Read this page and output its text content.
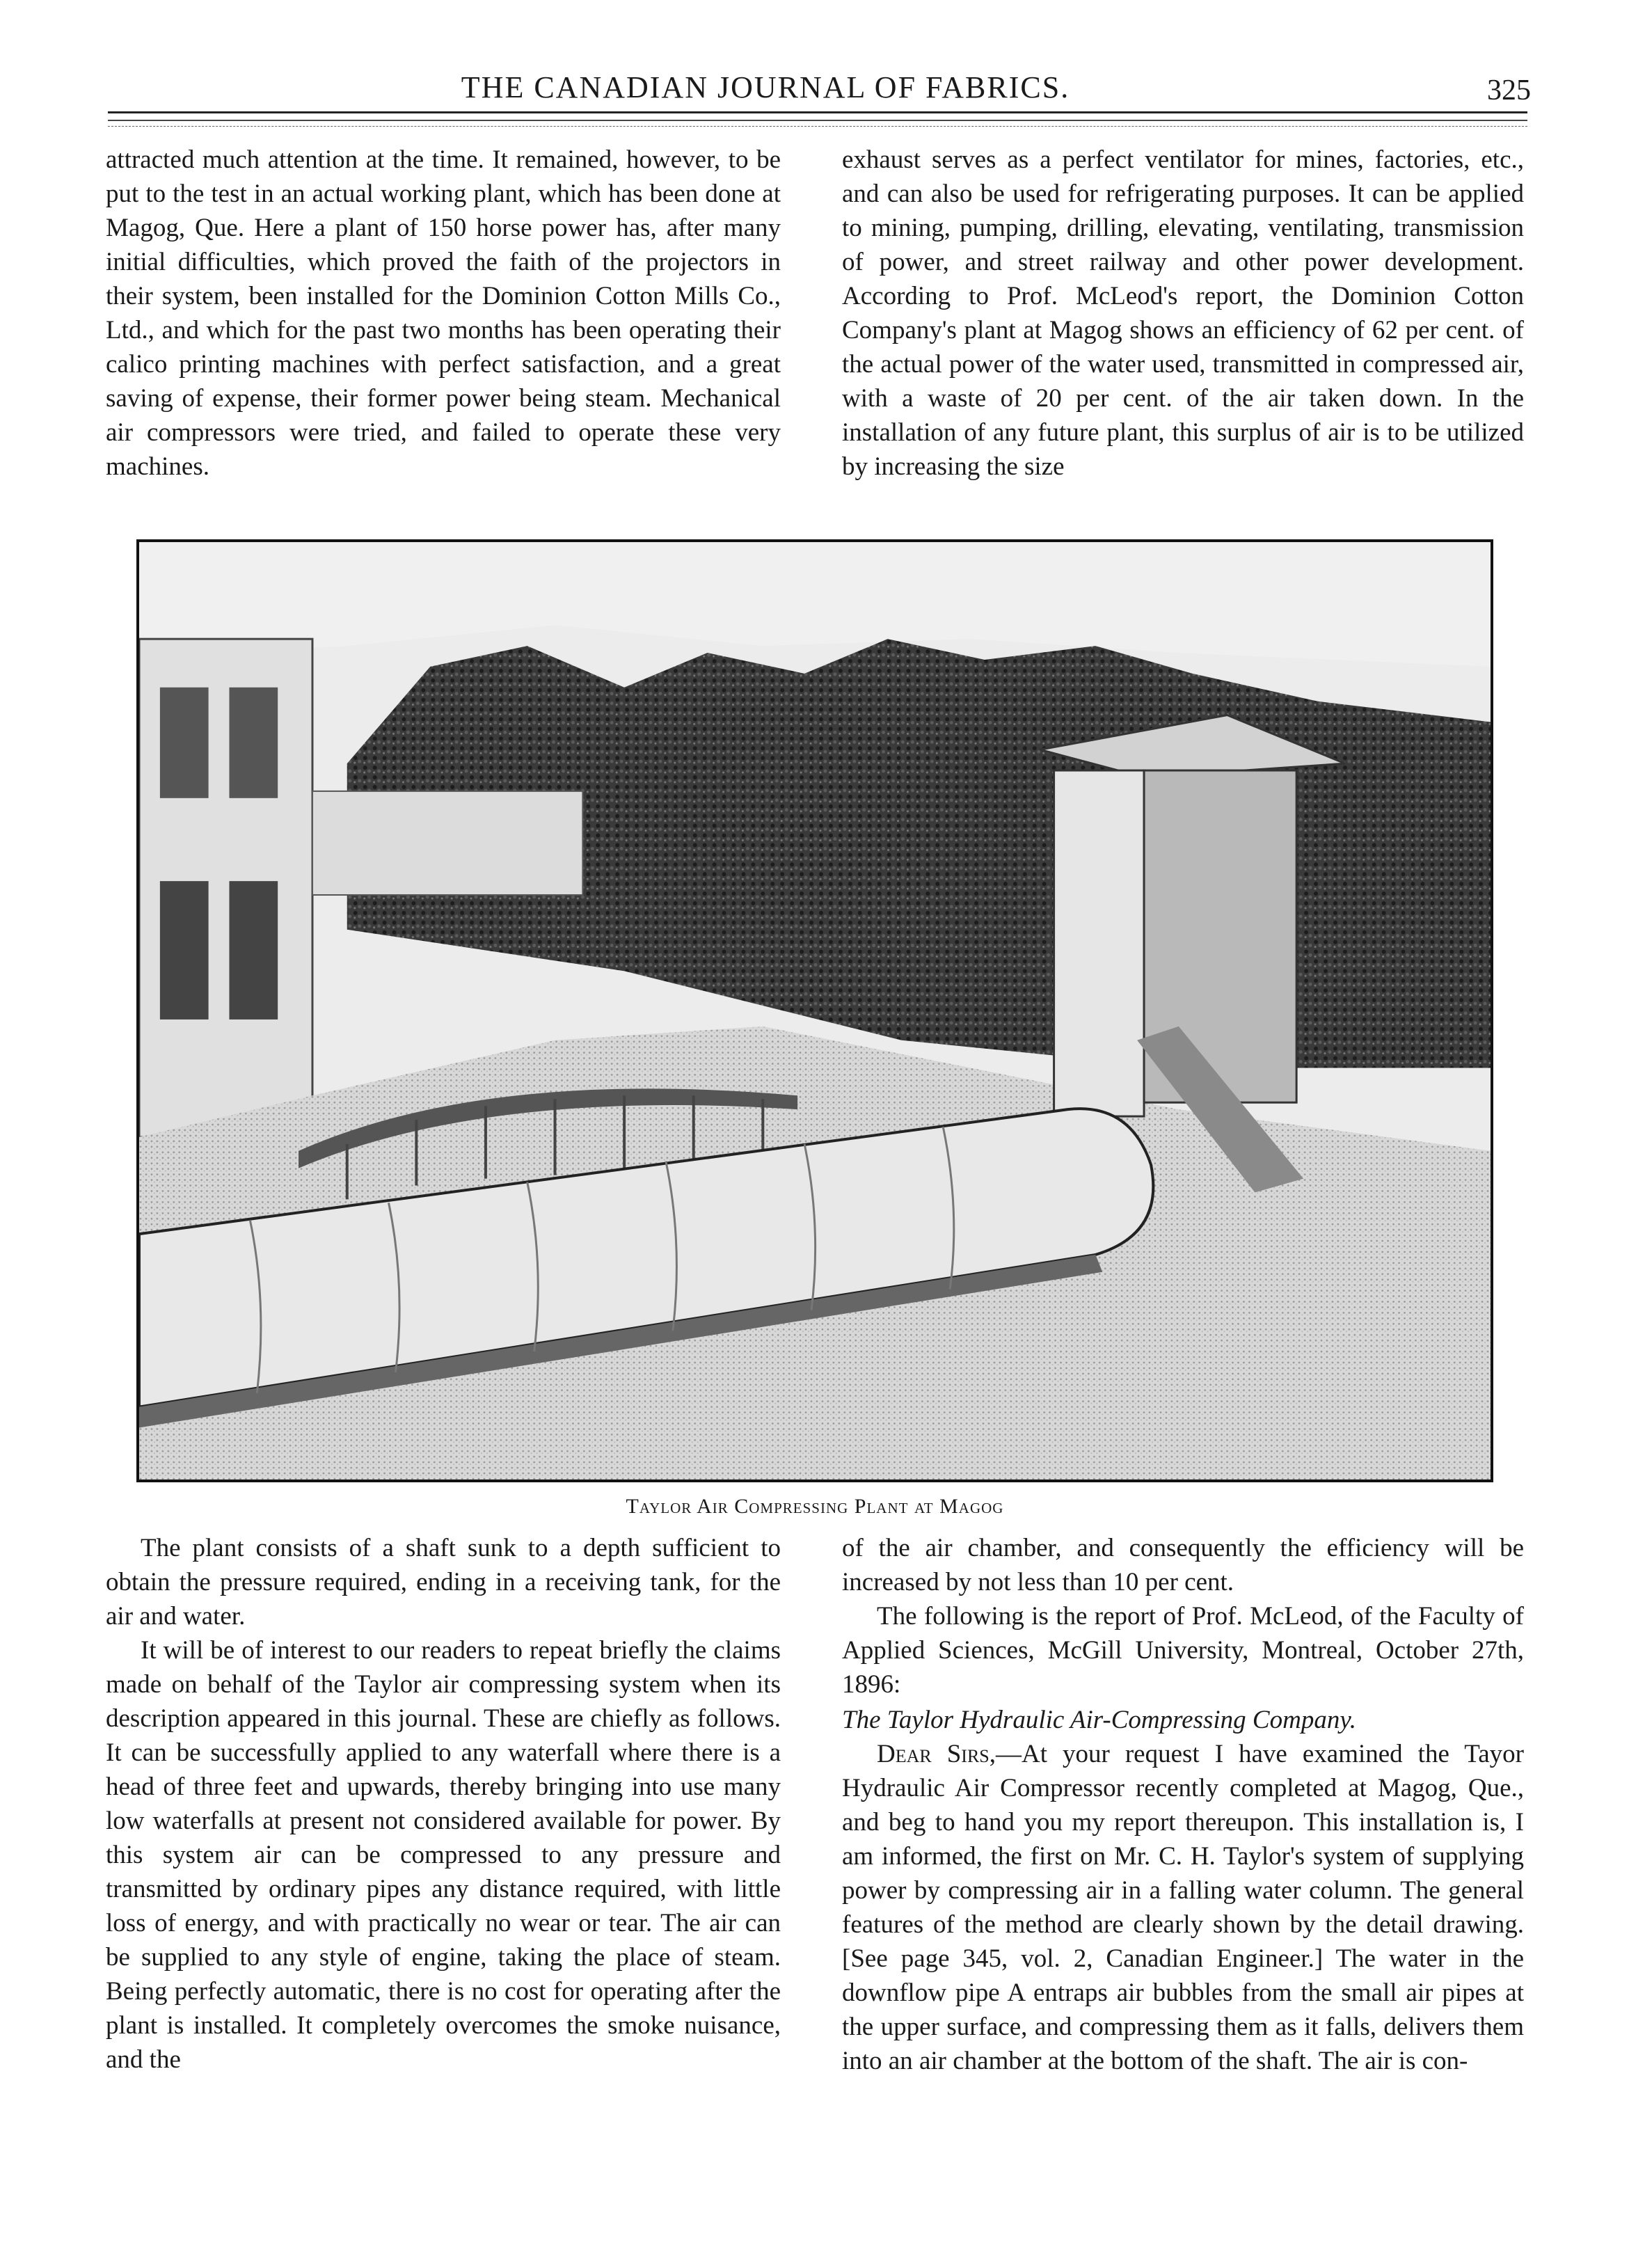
THE CANADIAN JOURNAL OF FABRICS.	325

attracted much attention at the time. It remained, however, to be put to the test in an actual working plant, which has been done at Magog, Que. Here a plant of 150 horse power has, after many initial difficulties, which proved the faith of the projectors in their system, been installed for the Dominion Cotton Mills Co., Ltd., and which for the past two months has been operating their calico printing machines with perfect satisfaction, and a great saving of expense, their former power being steam. Mechanical air compressors were tried, and failed to operate these very machines.

exhaust serves as a perfect ventilator for mines, factories, etc., and can also be used for refrigerating purposes. It can be applied to mining, pumping, drilling, elevating, ventilating, transmission of power, and street railway and other power development. According to Prof. McLeod's report, the Dominion Cotton Company's plant at Magog shows an efficiency of 62 per cent. of the actual power of the water used, transmitted in compressed air, with a waste of 20 per cent. of the air taken down. In the installation of any future plant, this surplus of air is to be utilized by increasing the size

Taylor Air Compressing Plant at Magog

The plant consists of a shaft sunk to a depth sufficient to obtain the pressure required, ending in a receiving tank, for the air and water.

It will be of interest to our readers to repeat briefly the claims made on behalf of the Taylor air compressing system when its description appeared in this journal. These are chiefly as follows. It can be successfully applied to any waterfall where there is a head of three feet and upwards, thereby bringing into use many low waterfalls at present not considered available for power. By this system air can be compressed to any pressure and transmitted by ordinary pipes any distance required, with little loss of energy, and with practically no wear or tear. The air can be supplied to any style of engine, taking the place of steam. Being perfectly automatic, there is no cost for operating after the plant is installed. It completely overcomes the smoke nuisance, and the

of the air chamber, and consequently the efficiency will be increased by not less than 10 per cent.

The following is the report of Prof. McLeod, of the Faculty of Applied Sciences, McGill University, Montreal, October 27th, 1896:

The Taylor Hydraulic Air-Compressing Company.

Dear Sirs,—At your request I have examined the Tayor Hydraulic Air Compressor recently completed at Magog, Que., and beg to hand you my report thereupon. This installation is, I am informed, the first on Mr. C. H. Taylor's system of supplying power by compressing air in a falling water column. The general features of the method are clearly shown by the detail drawing. [See page 345, vol. 2, Canadian Engineer.] The water in the downflow pipe A entraps air bubbles from the small air pipes at the upper surface, and compressing them as it falls, delivers them into an air chamber at the bottom of the shaft. The air is con-
